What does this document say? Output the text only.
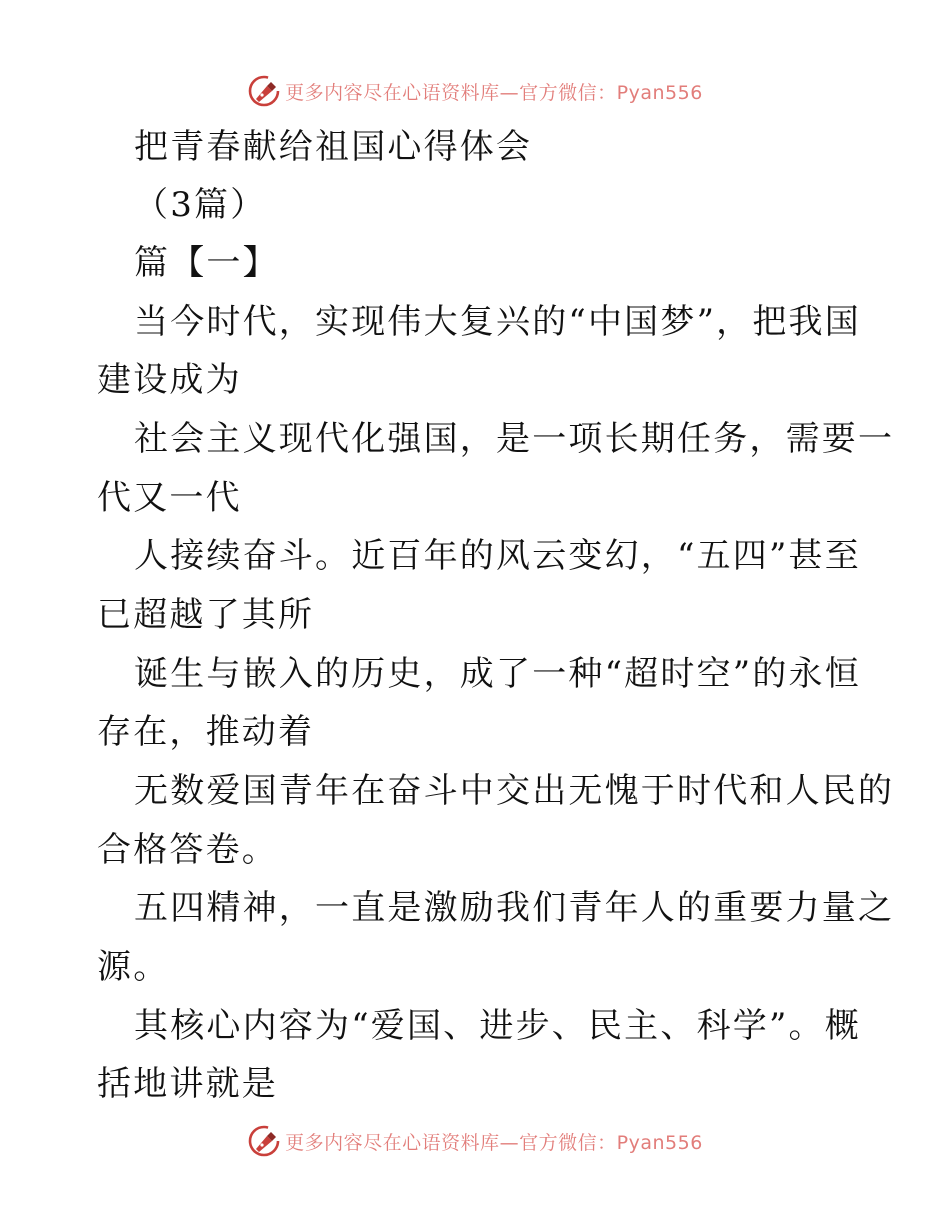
更多内容尽在心语资料库—官方微信：Pyan556
把青春献给祖国心得体会
（3篇）
篇【一】
当今时代，实现伟大复兴的“中国梦”，把我国
建设成为
社会主义现代化强国，是一项长期任务，需要一
代又一代
人接续奋斗。近百年的风云变幻，“五四”甚至
已超越了其所
诞生与嵌入的历史，成了一种“超时空”的永恒
存在，推动着
无数爱国青年在奋斗中交出无愧于时代和人民的
合格答卷。
五四精神，一直是激励我们青年人的重要力量之
源。
其核心内容为“爱国、进步、民主、科学”。概
括地讲就是
更多内容尽在心语资料库—官方微信：Pyan556
